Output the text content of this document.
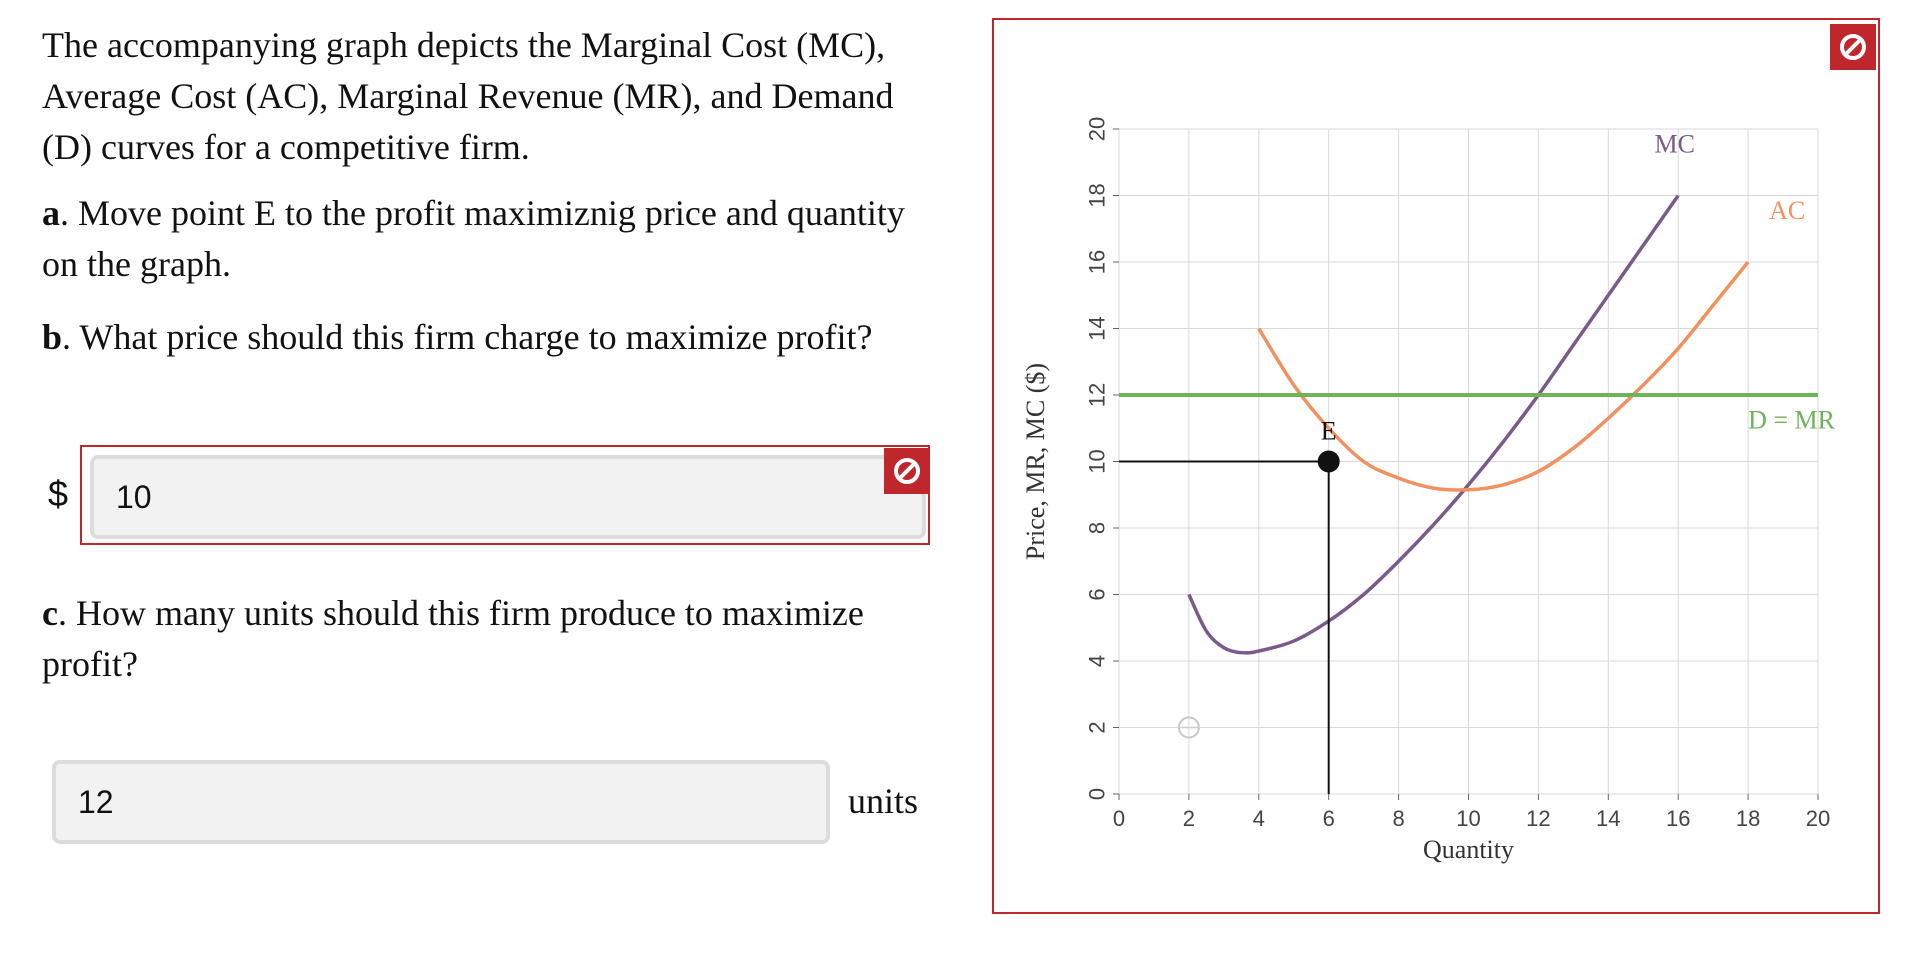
The accompanying graph depicts the Marginal Cost (MC), Average Cost (AC), Marginal Revenue (MR), and Demand (D) curves for a competitive firm.

a. Move point E to the profit maximiznig price and quantity on the graph.

b. What price should this firm charge to maximize profit?

$
10

c. How many units should this firm produce to maximize profit?

12
units	0	2	4	6	8 10 12 14 16 18 20
0
2
4
6
8
10
12
14
16
18
20
Quantity
Price, MR, MC ($)
MC
AC
D = MR
E
